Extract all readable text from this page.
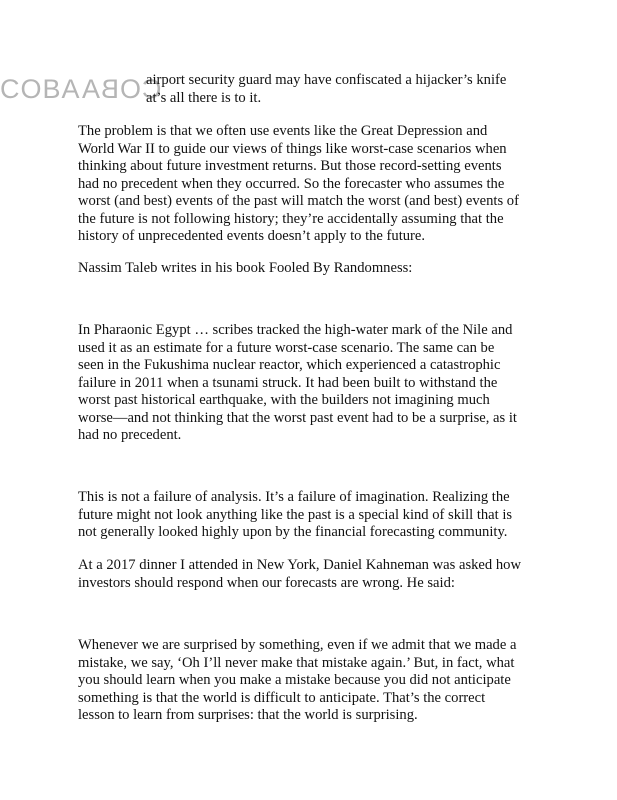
COBACOBA
airport security guard may have confiscated a hijacker’s knife
at’s all there is to it.
The problem is that we often use events like the Great Depression and
World War II to guide our views of things like worst-case scenarios when
thinking about future investment returns. But those record-setting events
had no precedent when they occurred. So the forecaster who assumes the
worst (and best) events of the past will match the worst (and best) events of
the future is not following history; they’re accidentally assuming that the
history of unprecedented events doesn’t apply to the future.
Nassim Taleb writes in his book Fooled By Randomness:
In Pharaonic Egypt … scribes tracked the high-water mark of the Nile and
used it as an estimate for a future worst-case scenario. The same can be
seen in the Fukushima nuclear reactor, which experienced a catastrophic
failure in 2011 when a tsunami struck. It had been built to withstand the
worst past historical earthquake, with the builders not imagining much
worse—and not thinking that the worst past event had to be a surprise, as it
had no precedent.
This is not a failure of analysis. It’s a failure of imagination. Realizing the
future might not look anything like the past is a special kind of skill that is
not generally looked highly upon by the financial forecasting community.
At a 2017 dinner I attended in New York, Daniel Kahneman was asked how
investors should respond when our forecasts are wrong. He said:
Whenever we are surprised by something, even if we admit that we made a
mistake, we say, ‘Oh I’ll never make that mistake again.’ But, in fact, what
you should learn when you make a mistake because you did not anticipate
something is that the world is difficult to anticipate. That’s the correct
lesson to learn from surprises: that the world is surprising.
